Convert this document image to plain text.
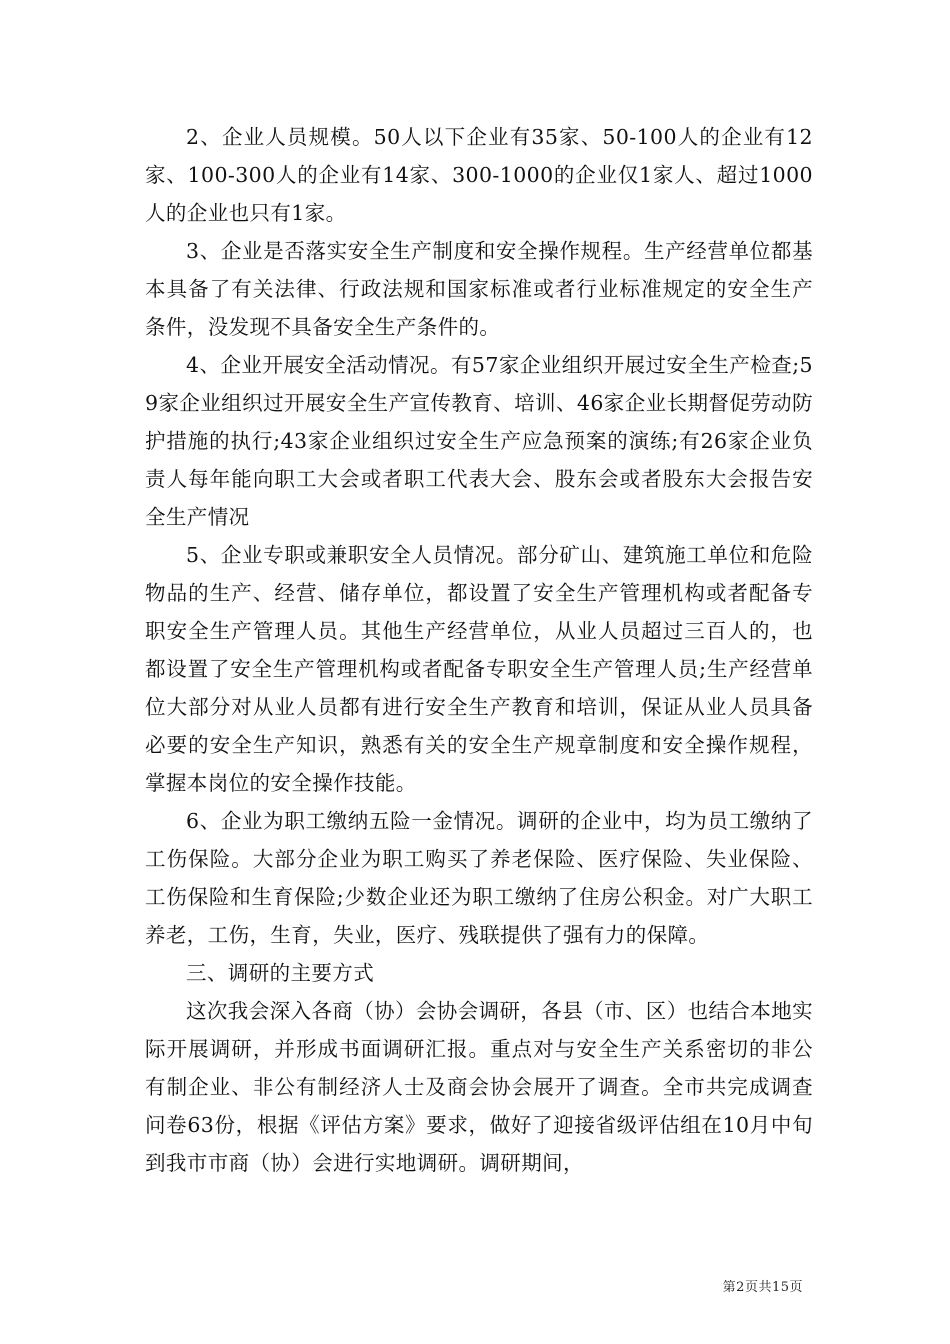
2、企业人员规模。50人以下企业有35家、50-100人的企业有12家、100-300人的企业有14家、300-1000的企业仅1家人、超过1000人的企业也只有1家。

3、企业是否落实安全生产制度和安全操作规程。生产经营单位都基本具备了有关法律、行政法规和国家标准或者行业标准规定的安全生产条件，没发现不具备安全生产条件的。

4、企业开展安全活动情况。有57家企业组织开展过安全生产检查;59家企业组织过开展安全生产宣传教育、培训、46家企业长期督促劳动防护措施的执行;43家企业组织过安全生产应急预案的演练;有26家企业负责人每年能向职工大会或者职工代表大会、股东会或者股东大会报告安全生产情况

5、企业专职或兼职安全人员情况。部分矿山、建筑施工单位和危险物品的生产、经营、储存单位，都设置了安全生产管理机构或者配备专职安全生产管理人员。其他生产经营单位，从业人员超过三百人的，也都设置了安全生产管理机构或者配备专职安全生产管理人员;生产经营单位大部分对从业人员都有进行安全生产教育和培训，保证从业人员具备必要的安全生产知识，熟悉有关的安全生产规章制度和安全操作规程，掌握本岗位的安全操作技能。

6、企业为职工缴纳五险一金情况。调研的企业中，均为员工缴纳了工伤保险。大部分企业为职工购买了养老保险、医疗保险、失业保险、工伤保险和生育保险;少数企业还为职工缴纳了住房公积金。对广大职工养老，工伤，生育，失业，医疗、残联提供了强有力的保障。

三、调研的主要方式

这次我会深入各商（协）会协会调研，各县（市、区）也结合本地实际开展调研，并形成书面调研汇报。重点对与安全生产关系密切的非公有制企业、非公有制经济人士及商会协会展开了调查。全市共完成调查问卷63份，根据《评估方案》要求，做好了迎接省级评估组在10月中旬到我市市商（协）会进行实地调研。调研期间，

第2页共15页
